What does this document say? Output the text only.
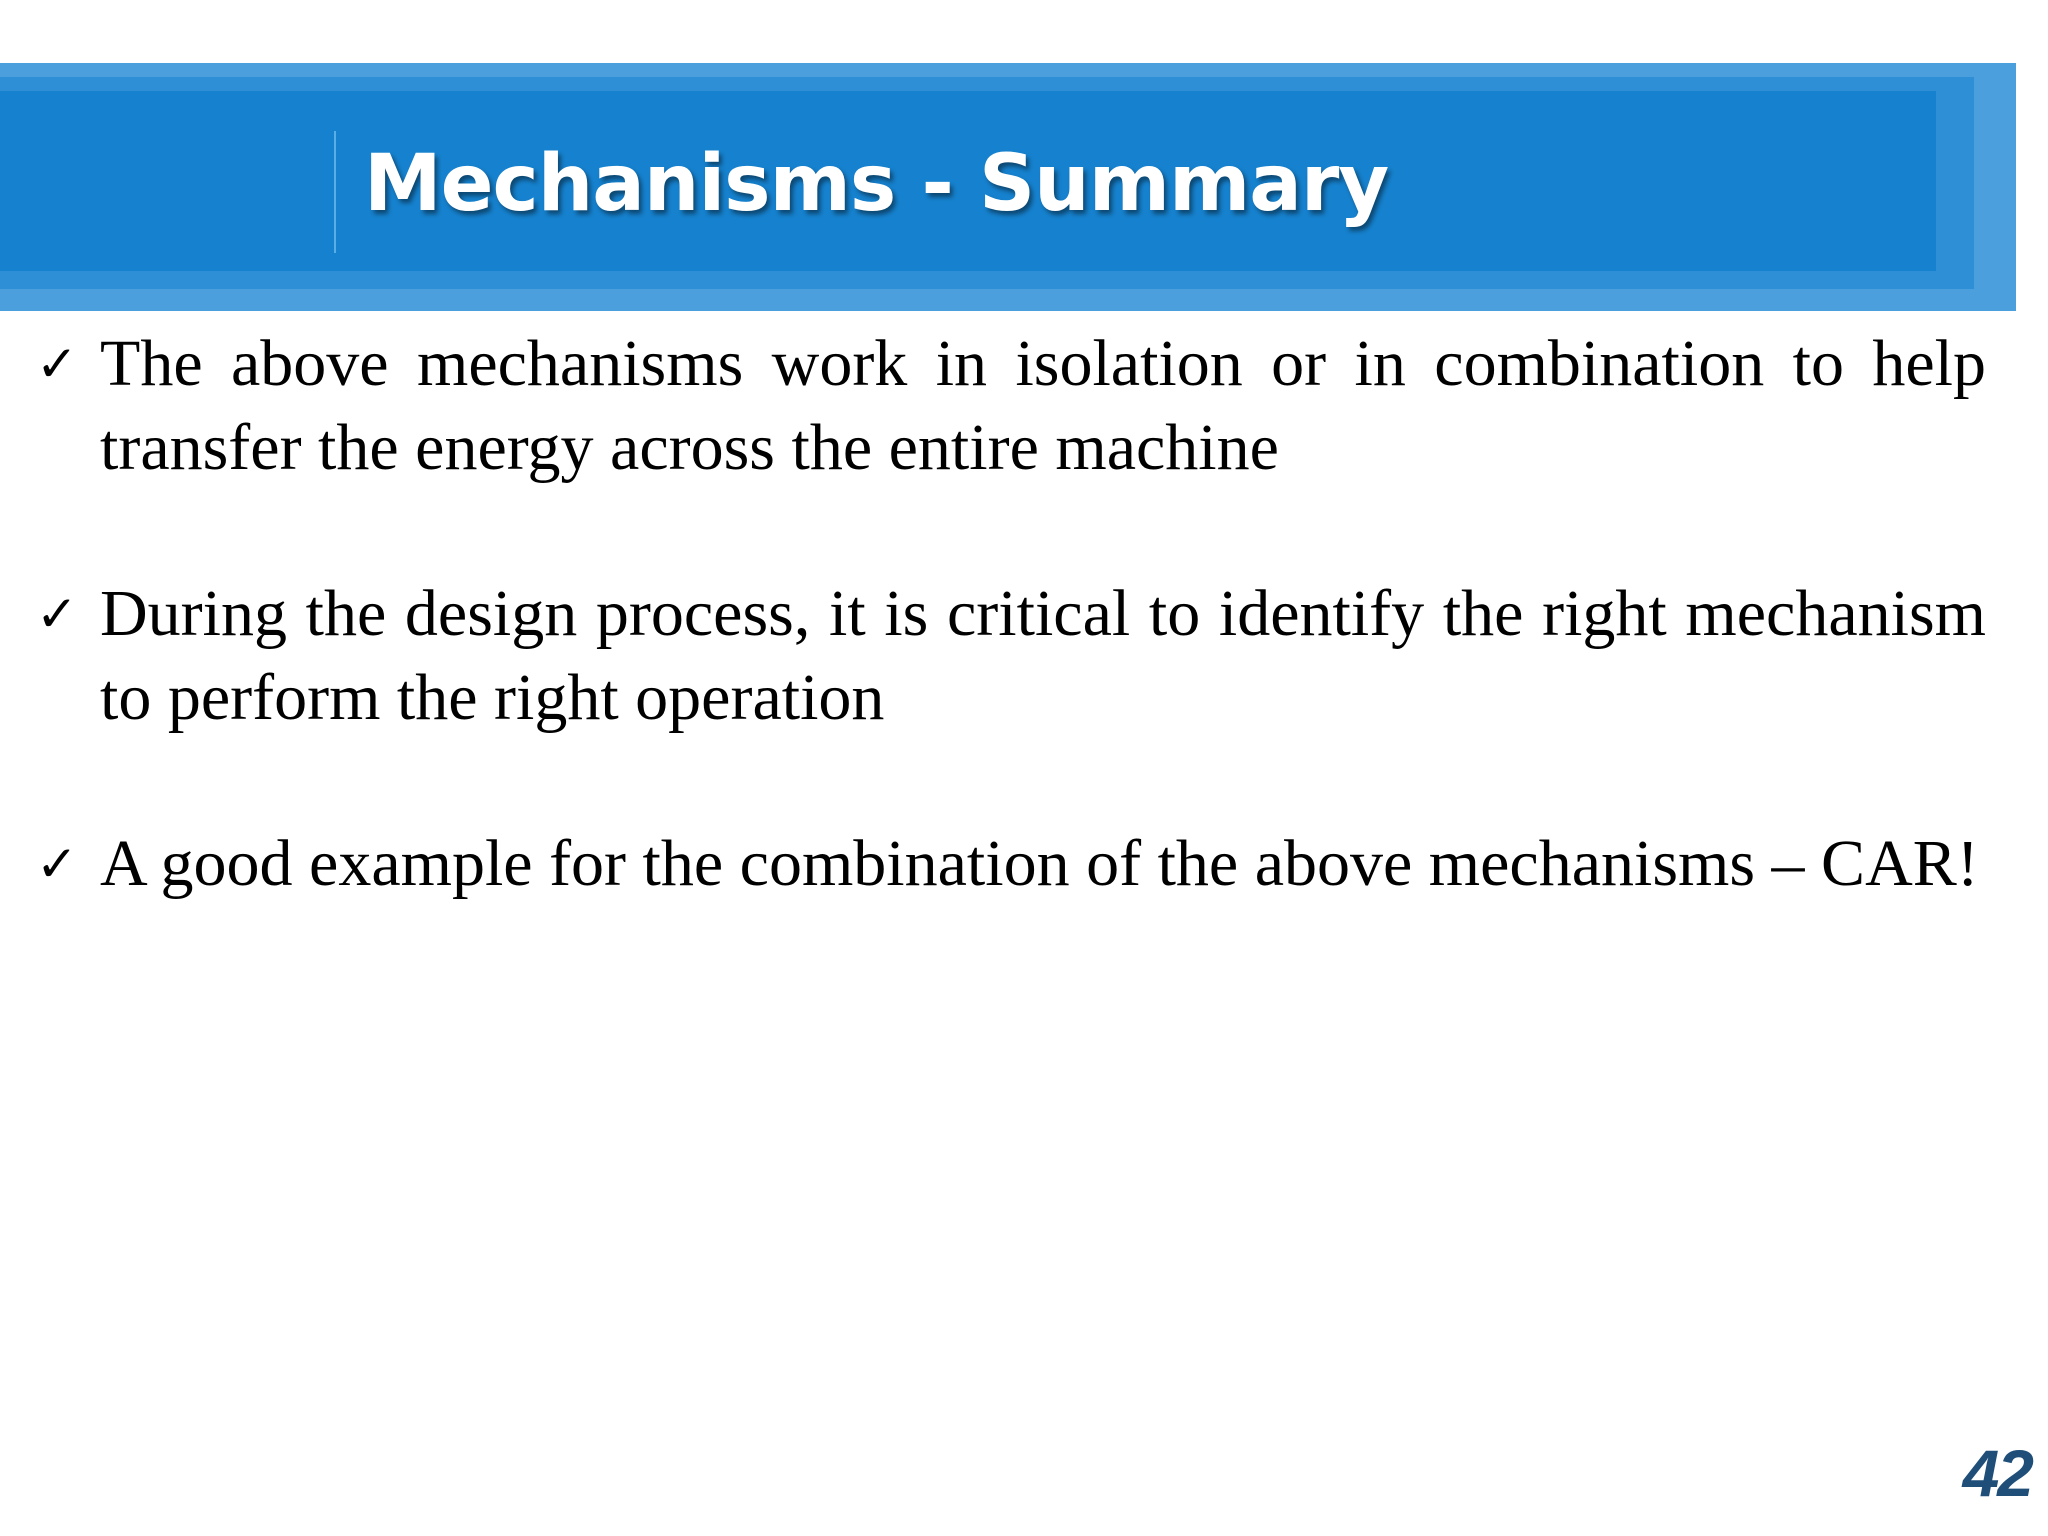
Mechanisms - Summary
✓ The above mechanisms work in isolation or in combination to help transfer the energy across the entire machine
✓ During the design process, it is critical to identify the right mechanism to perform the right operation
✓ A good example for the combination of the above mechanisms – CAR!
42
